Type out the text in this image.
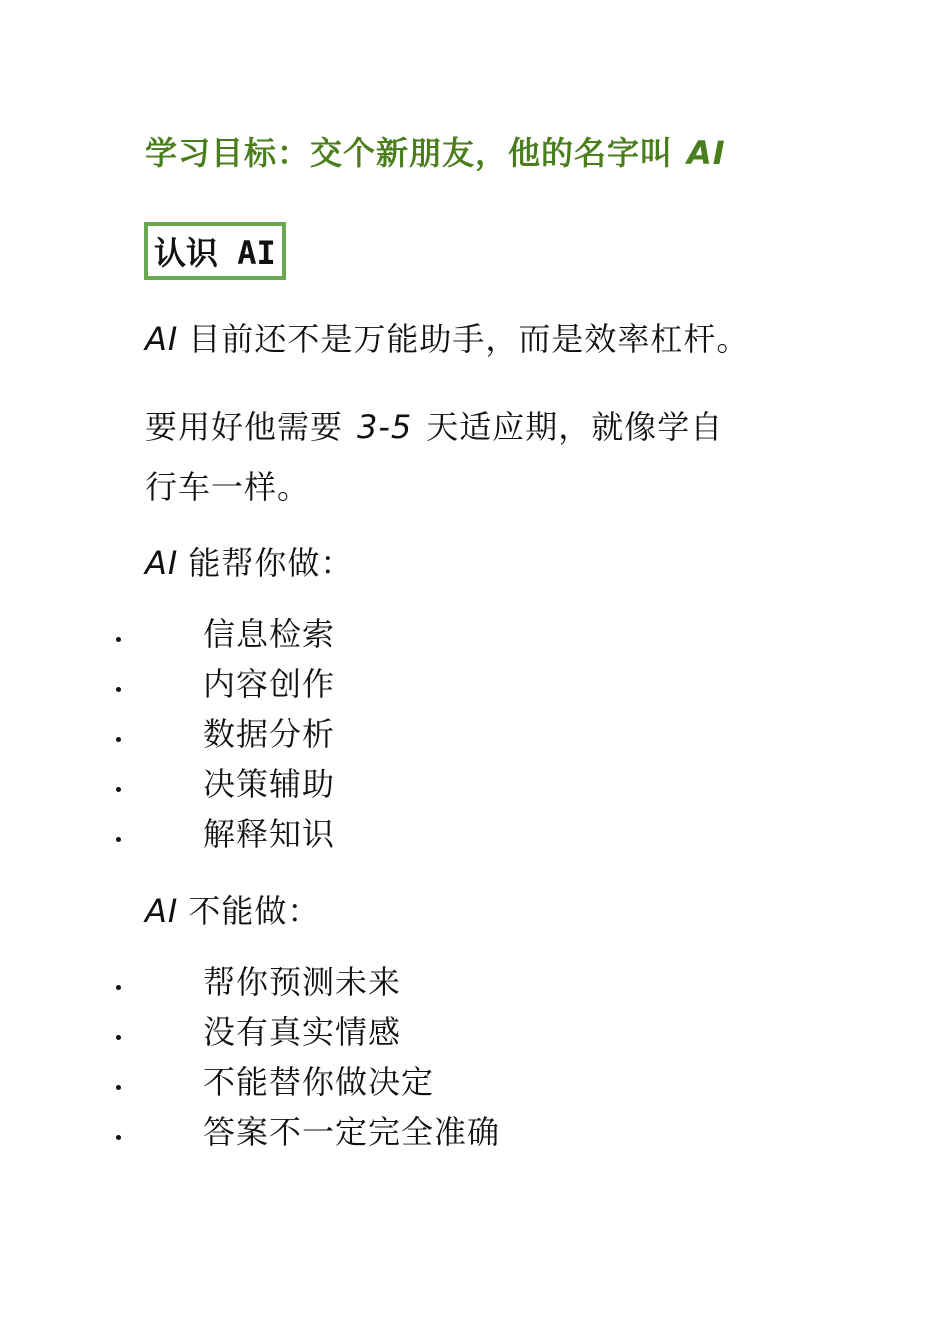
学习目标：交个新朋友，他的名字叫 AI
认识 AI
AI 目前还不是万能助手，而是效率杠杆。
要用好他需要 3-5 天适应期，就像学自
行车一样。
AI 能帮你做：
信息检索
内容创作
数据分析
决策辅助
解释知识
AI 不能做：
帮你预测未来
没有真实情感
不能替你做决定
答案不一定完全准确
